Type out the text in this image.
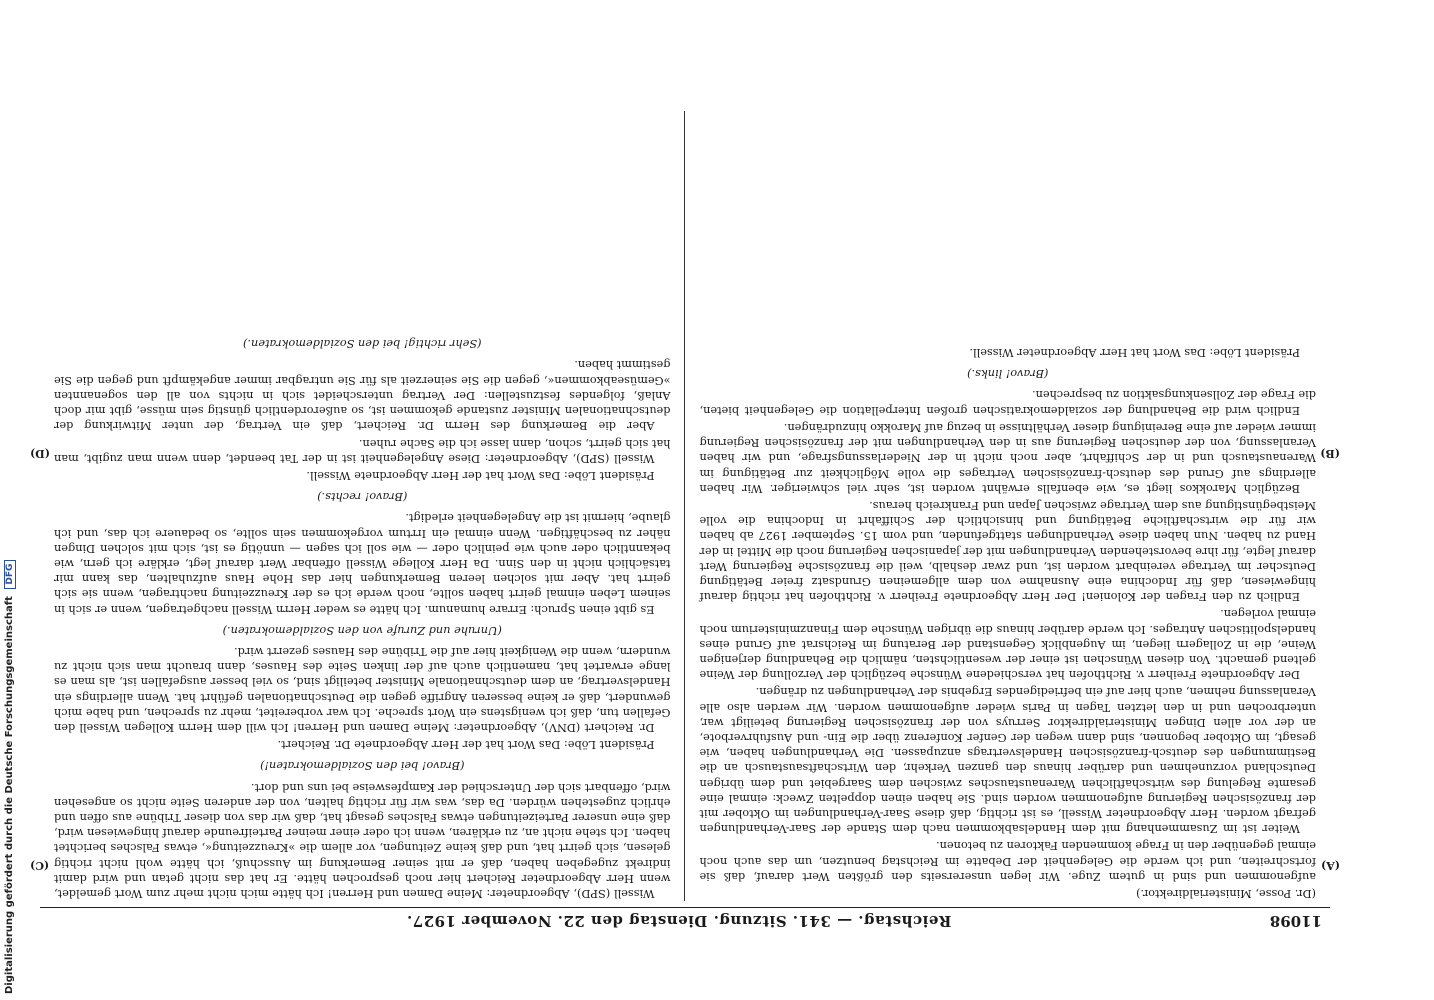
Digitalisierung gefördert durch die Deutsche Forschungsgemeinschaft DFG
11098
Reichstag. — 341. Sitzung. Dienstag den 22. November 1927.
(A)
(B)

(Dr. Posse, Ministerialdirektor.)

aufgenommen und sind in gutem Zuge. Wir legen unsererseits den größten Wert darauf, daß sie fortschreiten, und ich werde die Gelegenheit der Debatte im Reichstag benutzen, um das auch noch einmal gegenüber den in Frage kommenden Faktoren zu betonen.

Weiter ist im Zusammenhang mit dem Handelsabkommen nach dem Stande der Saar-Verhandlungen gefragt worden. Herr Abgeordneter Wissell, es ist richtig, daß diese Saar-Verhandlungen im Oktober mit der französischen Regierung aufgenommen worden sind. Sie haben einen doppelten Zweck: einmal eine gesamte Regelung des wirtschaftlichen Warenaustausches zwischen dem Saargebiet und dem übrigen Deutschland vorzunehmen und darüber hinaus den ganzen Verkehr, den Wirtschaftsaustausch an die Bestimmungen des deutsch-französischen Handelsvertrags anzupassen. Die Verhandlungen haben, wie gesagt, im Oktober begonnen, sind dann wegen der Genfer Konferenz über die Ein- und Ausfuhrverbote, an der vor allen Dingen Ministerialdirektor Serruys von der französischen Regierung beteiligt war, unterbrochen und in den letzten Tagen in Paris wieder aufgenommen worden. Wir werden also alle Veranlassung nehmen, auch hier auf ein befriedigendes Ergebnis der Verhandlungen zu drängen.

Der Abgeordnete Freiherr v. Richthofen hat verschiedene Wünsche bezüglich der Verzollung der Weine geltend gemacht. Von diesen Wünschen ist einer der wesentlichsten, nämlich die Behandlung derjenigen Weine, die in Zollagern liegen, im Augenblick Gegenstand der Beratung im Reichsrat auf Grund eines handelspolitischen Antrages. Ich werde darüber hinaus die übrigen Wünsche dem Finanzministerium noch einmal vorlegen.

Endlich zu den Fragen der Kolonien! Der Herr Abgeordnete Freiherr v. Richthofen hat richtig darauf hingewiesen, daß für Indochina eine Ausnahme von dem allgemeinen Grundsatz freier Betätigung Deutscher im Vertrage vereinbart worden ist, und zwar deshalb, weil die französische Regierung Wert darauf legte, für ihre bevorstehenden Verhandlungen mit der japanischen Regierung noch die Mittel in der Hand zu haben. Nun haben diese Verhandlungen stattgefunden, und vom 15. September 1927 ab haben wir für die wirtschaftliche Betätigung und hinsichtlich der Schiffahrt in Indochina die volle Meistbegünstigung aus dem Vertrage zwischen Japan und Frankreich heraus.

Bezüglich Marokkos liegt es, wie ebenfalls erwähnt worden ist, sehr viel schwieriger. Wir haben allerdings auf Grund des deutsch-französischen Vertrages die volle Möglichkeit zur Betätigung im Warenaustausch und in der Schiffahrt, aber noch nicht in der Niederlassungsfrage, und wir haben Veranlassung, von der deutschen Regierung aus in den Verhandlungen mit der französischen Regierung immer wieder auf eine Bereinigung dieser Verhältnisse in bezug auf Marokko hinzudrängen.

Endlich wird die Behandlung der sozialdemokratischen großen Interpellation die Gelegenheit bieten, die Frage der Zollsenkungsaktion zu besprechen.

(Bravo! links.)

Präsident Löbe: Das Wort hat Herr Abgeordneter Wissell.

(C)
(D)

Wissell (SPD), Abgeordneter: Meine Damen und Herren! Ich hätte mich nicht mehr zum Wort gemeldet, wenn Herr Abgeordneter Reichert hier noch gesprochen hätte. Er hat das nicht getan und wird damit indirekt zugegeben haben, daß er mit seiner Bemerkung im Ausschuß, ich hätte wohl nicht richtig gelesen, sich geirrt hat, und daß keine Zeitungen, vor allem die »Kreuzzeitung«, etwas Falsches berichtet haben. Ich stehe nicht an, zu erklären, wenn ich oder einer meiner Parteifreunde darauf hingewiesen wird, daß eine unserer Parteizeitungen etwas Falsches gesagt hat, daß wir das von dieser Tribüne aus offen und ehrlich zugestehen würden. Da das, was wir für richtig halten, von der anderen Seite nicht so angesehen wird, offenbart sich der Unterschied der Kampfesweise bei uns und dort.

(Bravo! bei den Sozialdemokraten!)

Präsident Löbe: Das Wort hat der Herr Abgeordnete Dr. Reichert.

Dr. Reichert (DNV), Abgeordneter: Meine Damen und Herren! Ich will dem Herrn Kollegen Wissell den Gefallen tun, daß ich wenigstens ein Wort spreche. Ich war vorbereitet, mehr zu sprechen, und habe mich gewundert, daß er keine besseren Angriffe gegen die Deutschnationalen geführt hat. Wenn allerdings ein Handelsvertrag, an dem deutschnationale Minister beteiligt sind, so viel besser ausgefallen ist, als man es lange erwartet hat, namentlich auch auf der linken Seite des Hauses, dann braucht man sich nicht zu wundern, wenn die Wenigkeit hier auf die Tribüne des Hauses gezerrt wird.

(Unruhe und Zurufe von den Sozialdemokraten.)

Es gibt einen Spruch: Errare humanum. Ich hätte es weder Herrn Wissell nachgetragen, wenn er sich in seinem Leben einmal geirrt haben sollte, noch werde ich es der Kreuzzeitung nachtragen, wenn sie sich geirrt hat. Aber mit solchen leeren Bemerkungen hier das Hohe Haus aufzuhalten, das kann mir tatsächlich nicht in den Sinn. Da Herr Kollege Wissell offenbar Wert darauf legt, erkläre ich gern, wie bekanntlich oder auch wie peinlich oder — wie soll ich sagen — unnötig es ist, sich mit solchen Dingen näher zu beschäftigen. Wenn einmal ein Irrtum vorgekommen sein sollte, so bedauere ich das, und ich glaube, hiermit ist die Angelegenheit erledigt.

(Bravo! rechts.)

Präsident Löbe: Das Wort hat der Herr Abgeordnete Wissell.

Wissell (SPD), Abgeordneter: Diese Angelegenheit ist in der Tat beendet, denn wenn man zugibt, man hat sich geirrt, schon, dann lasse ich die Sache ruhen.

Aber die Bemerkung des Herrn Dr. Reichert, daß ein Vertrag, der unter Mitwirkung der deutschnationalen Minister zustande gekommen ist, so außerordentlich günstig sein müsse, gibt mir doch Anlaß, folgendes festzustellen: Der Vertrag unterscheidet sich in nichts von all den sogenannten »Gemüseabkommen«, gegen die Sie seinerzeit als für Sie untragbar immer angekämpft und gegen die Sie gestimmt haben.

(Sehr richtig! bei den Sozialdemokraten.)
